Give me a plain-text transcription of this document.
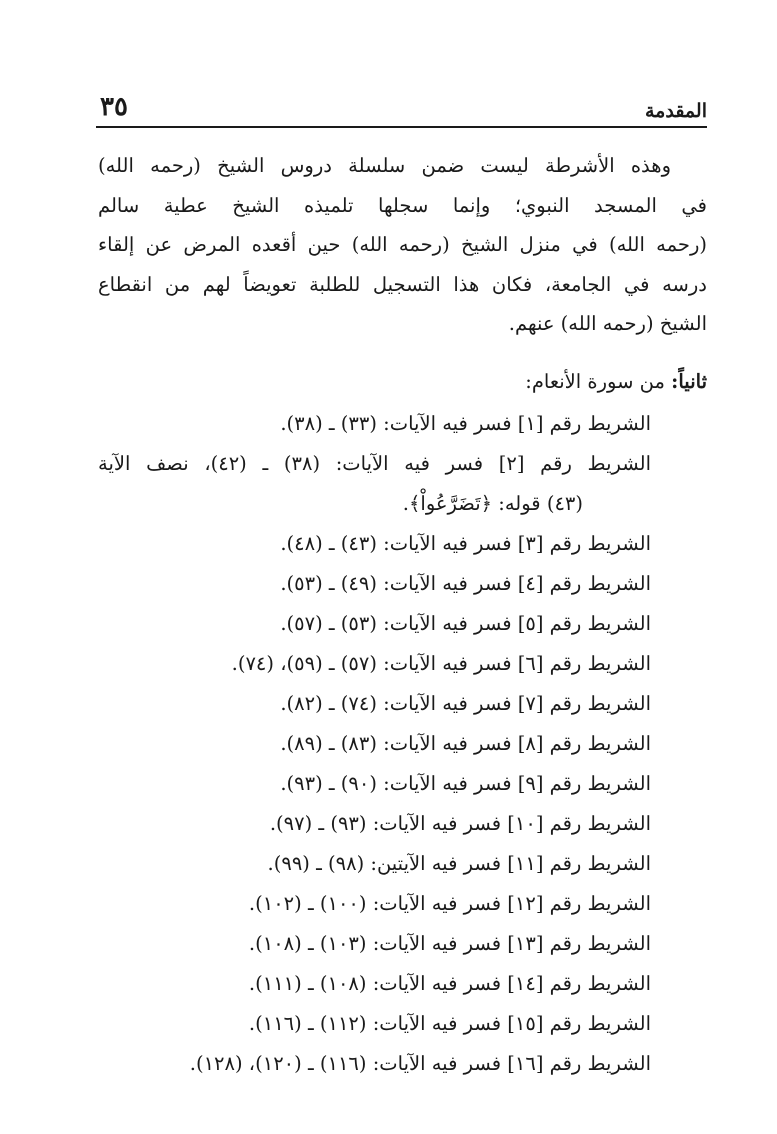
المقدمة
٣٥

وهذه الأشرطة ليست ضمن سلسلة دروس الشيخ (رحمه الله)
في المسجد النبوي؛ وإنما سجلها تلميذه الشيخ عطية سالم
(رحمه الله) في منزل الشيخ (رحمه الله) حين أقعده المرض عن إلقاء
درسه في الجامعة، فكان هذا التسجيل للطلبة تعويضاً لهم من انقطاع
الشيخ (رحمه الله) عنهم.

ثانياً: من سورة الأنعام:
الشريط رقم [١] فسر فيه الآيات: (٣٣) ـ (٣٨).
الشريط رقم [٢] فسر فيه الآيات: (٣٨) ـ (٤٢)، نصف الآية
(٤٣) قوله: ﴿تَضَرَّعُواْ﴾.
الشريط رقم [٣] فسر فيه الآيات: (٤٣) ـ (٤٨).
الشريط رقم [٤] فسر فيه الآيات: (٤٩) ـ (٥٣).
الشريط رقم [٥] فسر فيه الآيات: (٥٣) ـ (٥٧).
الشريط رقم [٦] فسر فيه الآيات: (٥٧) ـ (٥٩)، (٧٤).
الشريط رقم [٧] فسر فيه الآيات: (٧٤) ـ (٨٢).
الشريط رقم [٨] فسر فيه الآيات: (٨٣) ـ (٨٩).
الشريط رقم [٩] فسر فيه الآيات: (٩٠) ـ (٩٣).
الشريط رقم [١٠] فسر فيه الآيات: (٩٣) ـ (٩٧).
الشريط رقم [١١] فسر فيه الآيتين: (٩٨) ـ (٩٩).
الشريط رقم [١٢] فسر فيه الآيات: (١٠٠) ـ (١٠٢).
الشريط رقم [١٣] فسر فيه الآيات: (١٠٣) ـ (١٠٨).
الشريط رقم [١٤] فسر فيه الآيات: (١٠٨) ـ (١١١).
الشريط رقم [١٥] فسر فيه الآيات: (١١٢) ـ (١١٦).
الشريط رقم [١٦] فسر فيه الآيات: (١١٦) ـ (١٢٠)، (١٢٨).
